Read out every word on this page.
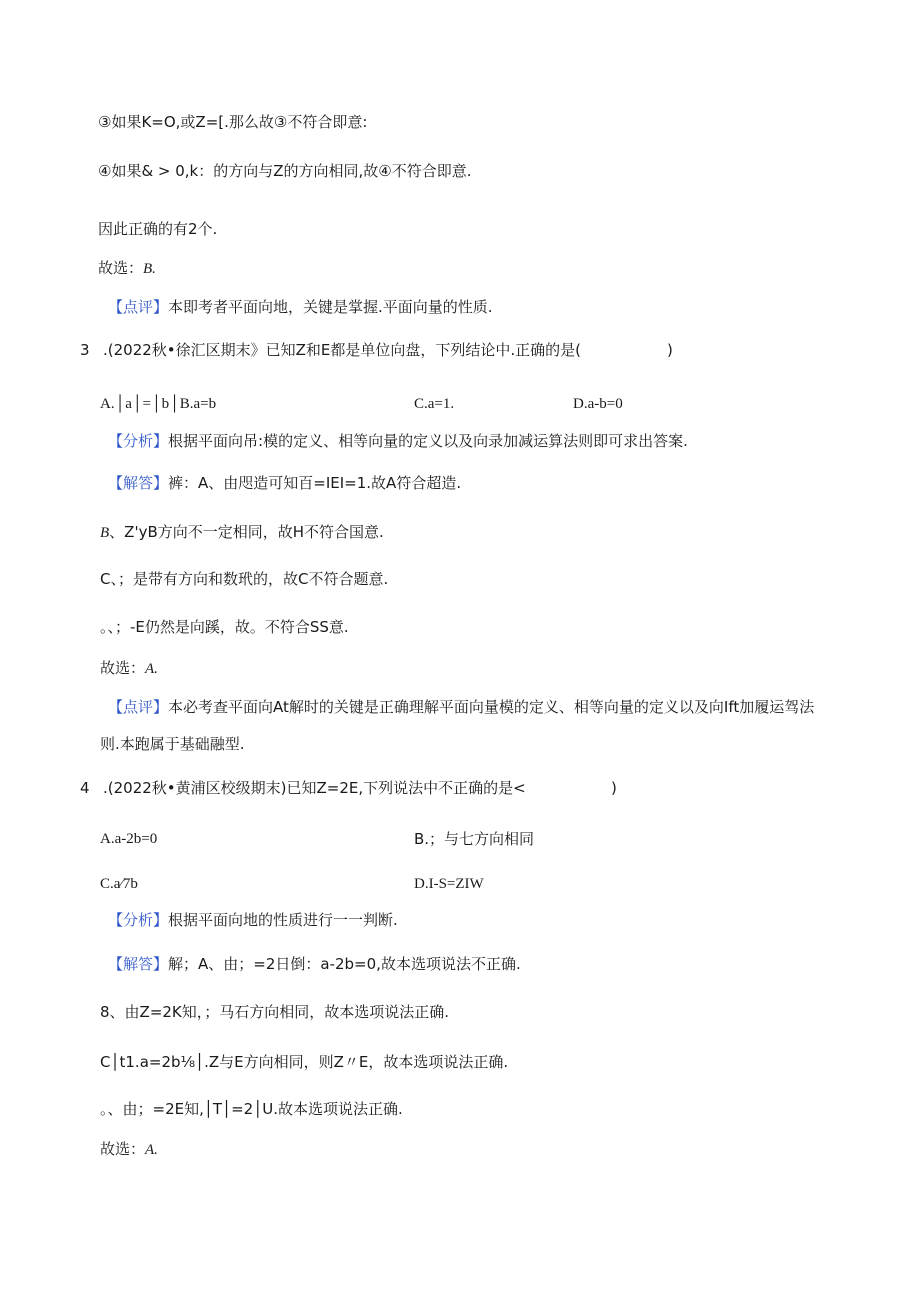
③如果K=O,或Z=[.那么故③不符合即意:
④如果& > 0,k：的方向与Z的方向相同,故④不符合即意.
因此正确的有2个.
故选：B.
【点评】本即考者平面向地，关键是掌握.平面向量的性质.
3 .(2022秋•徐汇区期末》已知Z和E都是单位向盘，下列结论中.正确的是(	)
A.│a│=│b│B.a=b	C.a=1.	D.a-b=0
【分析】根据平面向吊:模的定义、相等向量的定义以及向录加减运算法则即可求出答案.
【解答】裤：A、由咫造可知百=IEI=1.故A符合超造.
B、Z'yB方向不一定相同，故H不符合国意.
C、；是带有方向和数玳的，故C不符合题意.
。、；-E仍然是向蹊，故。不符合SS意.
故选：A.
【点评】本必考查平面向At解时的关键是正确理解平面向量模的定义、相等向量的定义以及向Ift加履运驾法
则.本跑属于基础融型.
4 .(2022秋•黄浦区校级期末)已知Z=2E,下列说法中不正确的是<	)
A.a-2b=0	B.；与七方向相同
C.a∕7b	D.I-S=ZIW
【分析】根据平面向地的性质进行一一判断.
【解答】解；A、由；=2日倒：a-2b=0,故本选项说法不正确.
8、由Z=2K知，；马石方向相同，故本选项说法正确.
C│t1.a=2b⅛│.Z与E方向相同，则Z〃E，故本选项说法正确.
。、由；=2E知,│T│=2│U.故本选项说法正确.
故选：A.
